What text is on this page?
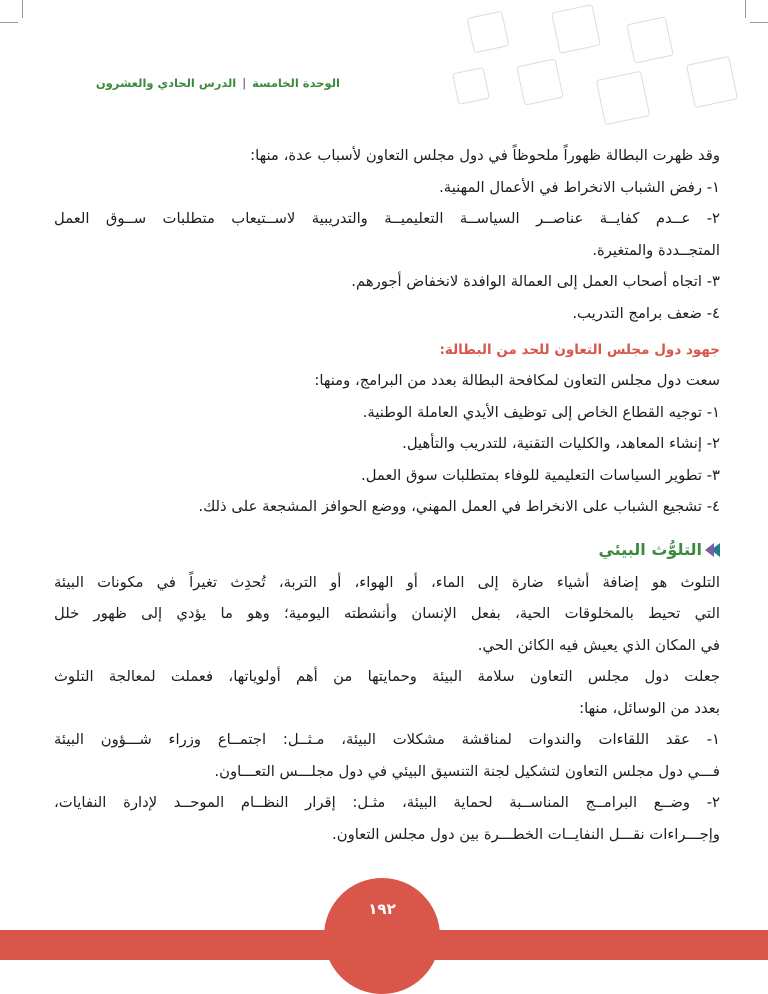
الوحدة الخامسة|الدرس الحادي والعشرون
وقد ظهرت البطالة ظهوراً ملحوظاً في دول مجلس التعاون لأسباب عدة، منها:
١- رفض الشباب الانخراط في الأعمال المهنية.
٢- عــدم كفايــة عناصــر السياســة التعليميــة والتدريبية لاســتيعاب متطلبات ســوق العمل
المتجــددة والمتغيرة.
٣- اتجاه أصحاب العمل إلى العمالة الوافدة لانخفاض أجورهم.
٤- ضعف برامج التدريب.
جهود دول مجلس التعاون للحد من البطالة:
سعت دول مجلس التعاون لمكافحة البطالة بعدد من البرامج، ومنها:
١- توجيه القطاع الخاص إلى توظيف الأيدي العاملة الوطنية.
٢- إنشاء المعاهد، والكليات التقنية، للتدريب والتأهيل.
٣- تطوير السياسات التعليمية للوفاء بمتطلبات سوق العمل.
٤- تشجيع الشباب على الانخراط في العمل المهني، ووضع الحوافز المشجعة على ذلك.
التلوُّث البيئي
التلوث هو إضافة أشياء ضارة إلى الماء، أو الهواء، أو التربة، تُحدِث تغيراً في مكونات البيئة
التي تحيط بالمخلوقات الحية، بفعل الإنسان وأنشطته اليومية؛ وهو ما يؤدي إلى ظهور خلل
في المكان الذي يعيش فيه الكائن الحي.
جعلت دول مجلس التعاون سلامة البيئة وحمايتها من أهم أولوياتها، فعملت لمعالجة التلوث
بعدد من الوسائل، منها:
١- عقد اللقاءات والندوات لمناقشة مشكلات البيئة، مـثــل: اجتمــاع وزراء شـــؤون البيئة
فـــي دول مجلس التعاون لتشكيل لجنة التنسيق البيئي في دول مجلـــس التعـــاون.
٢- وضــع البرامــج المناســبة لحماية البيئة، مثـل: إقرار النظــام الموحــد لإدارة النفايات،
وإجـــراءات نقـــل النفايــات الخطـــرة بين دول مجلس التعاون.
١٩٢
